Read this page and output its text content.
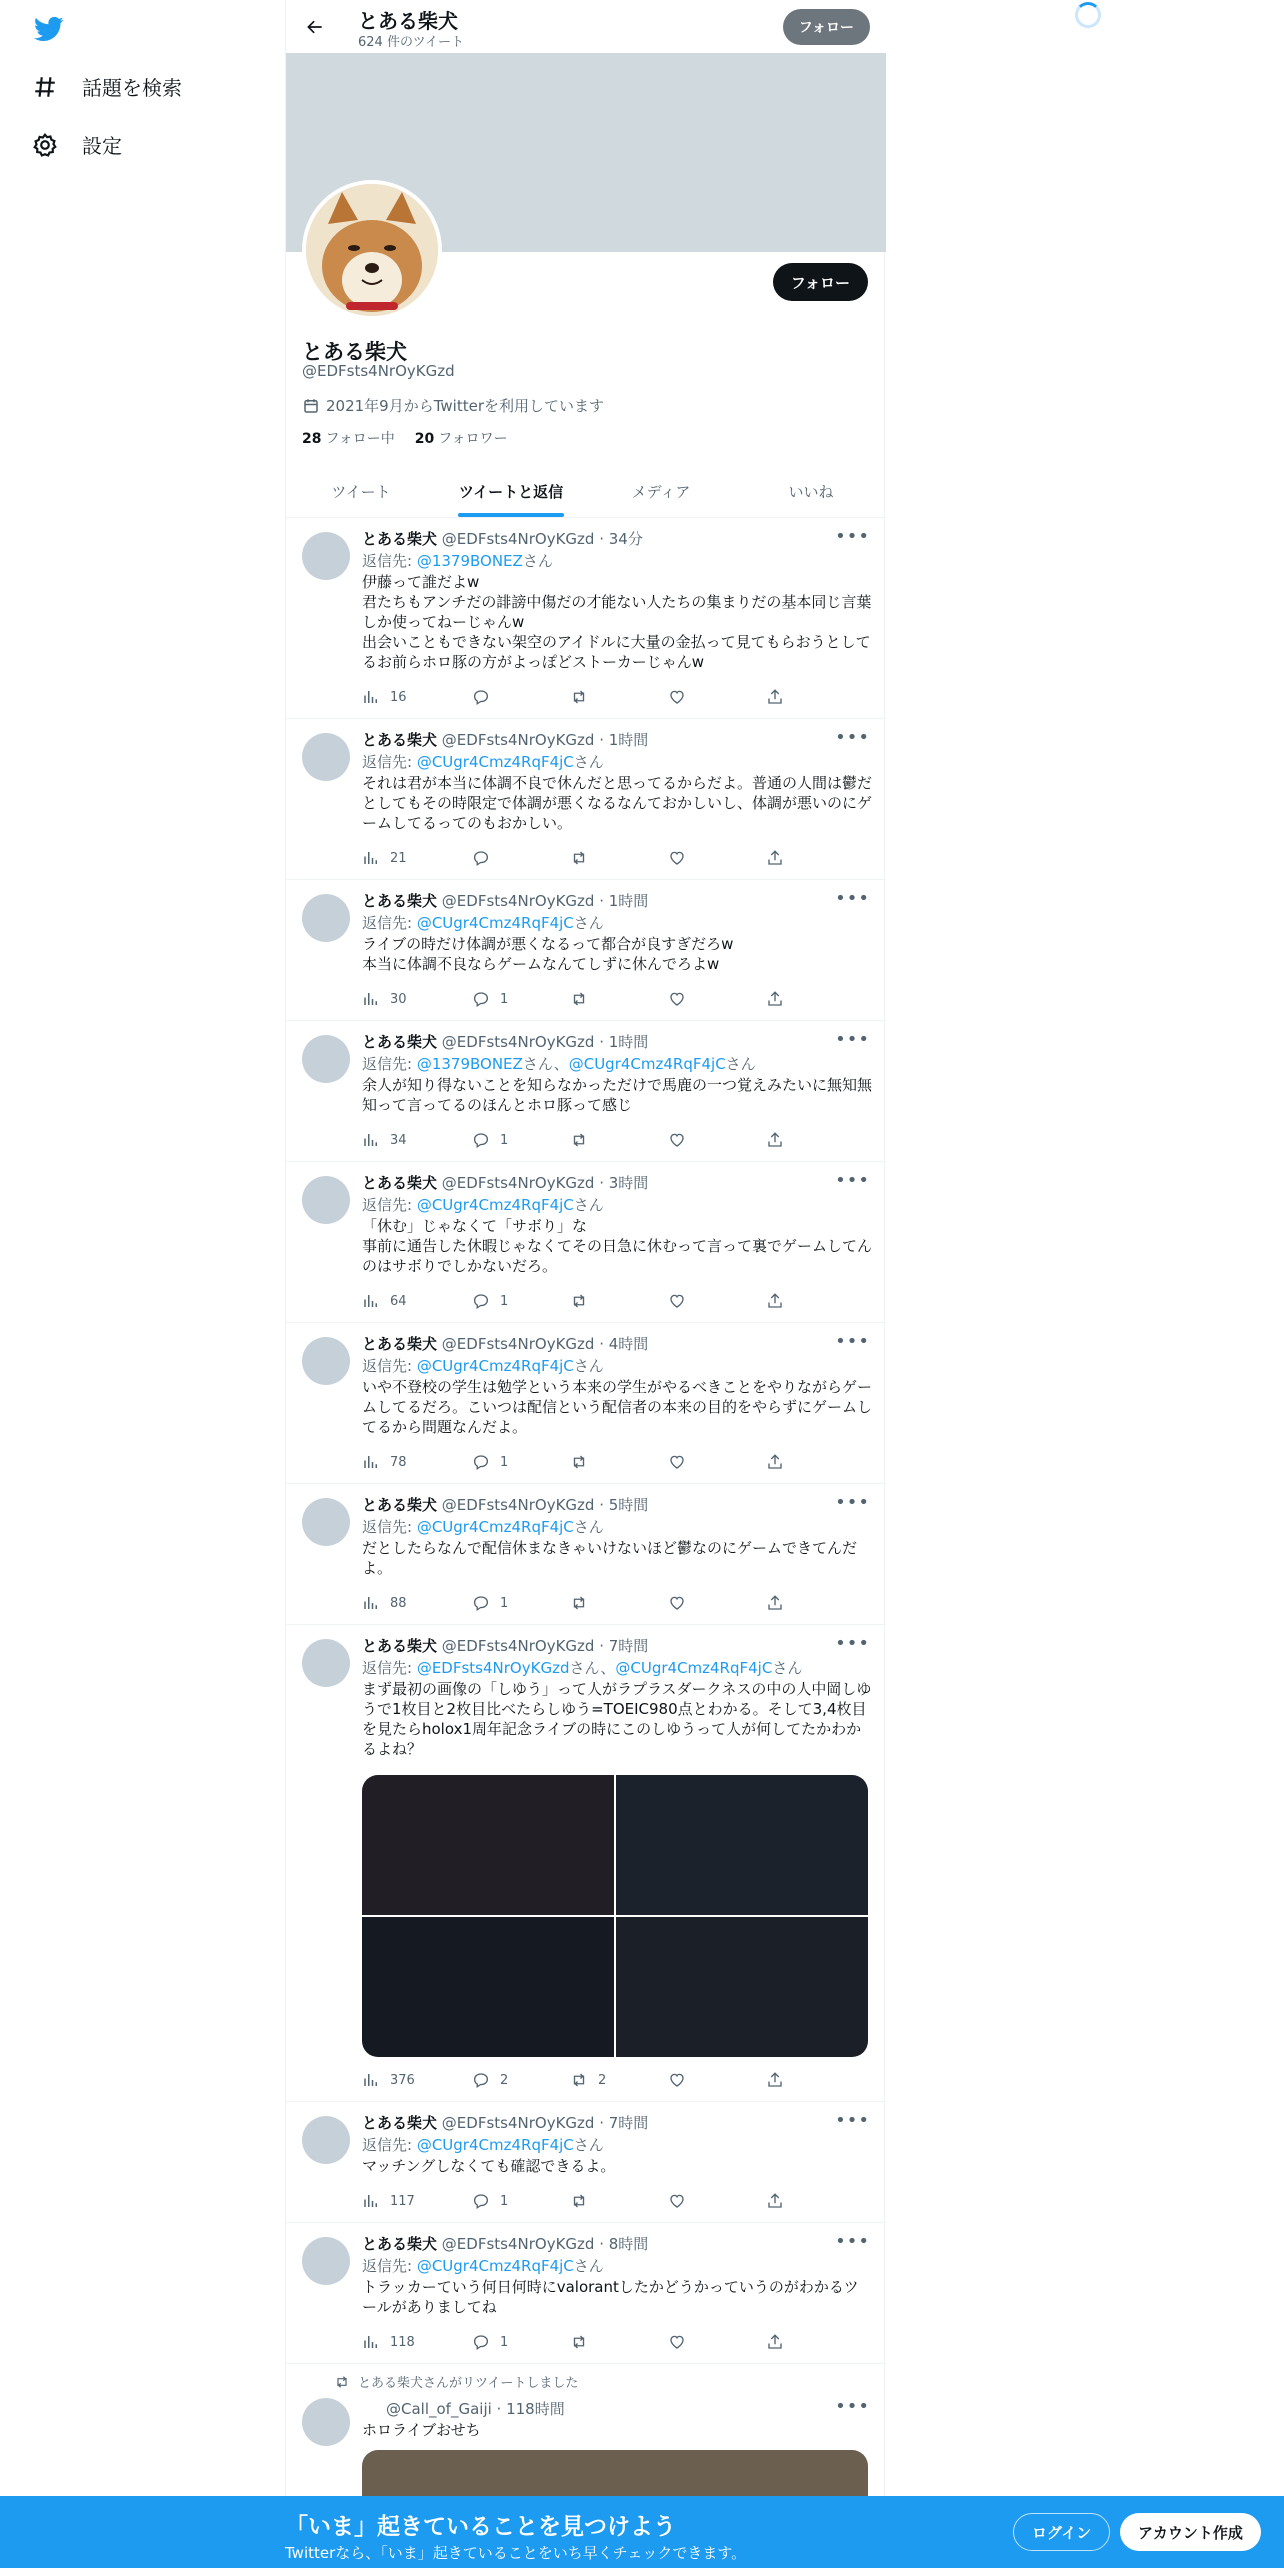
話題を検索
設定
とある柴犬
624 件のツイート
フォロー
フォロー
とある柴犬
@EDFsts4NrOyKGzd
2021年9月からTwitterを利用しています
28 フォロー中 20 フォロワー
ツイート	ツイートと返信	メディア	いいね
とある柴犬 @EDFsts4NrOyKGzd · 34分	•••
返信先: @1379BONEZさん
伊藤って誰だよw
君たちもアンチだの誹謗中傷だの才能ない人たちの集まりだの基本同じ言葉しか使ってねーじゃんw
出会いこともできない架空のアイドルに大量の金払って見てもらおうとしてるお前らホロ豚の方がよっぽどストーカーじゃんw
16
とある柴犬 @EDFsts4NrOyKGzd · 1時間	•••
返信先: @CUgr4Cmz4RqF4jCさん
それは君が本当に体調不良で休んだと思ってるからだよ。普通の人間は鬱だとしてもその時限定で体調が悪くなるなんておかしいし、体調が悪いのにゲームしてるってのもおかしい。
21
とある柴犬 @EDFsts4NrOyKGzd · 1時間	•••
返信先: @CUgr4Cmz4RqF4jCさん
ライブの時だけ体調が悪くなるって都合が良すぎだろw
本当に体調不良ならゲームなんてしずに休んでろよw
30	1
とある柴犬 @EDFsts4NrOyKGzd · 1時間	•••
返信先: @1379BONEZさん、@CUgr4Cmz4RqF4jCさん
余人が知り得ないことを知らなかっただけで馬鹿の一つ覚えみたいに無知無知って言ってるのほんとホロ豚って感じ
34	1
とある柴犬 @EDFsts4NrOyKGzd · 3時間	•••
返信先: @CUgr4Cmz4RqF4jCさん
「休む」じゃなくて「サボり」な
事前に通告した休暇じゃなくてその日急に休むって言って裏でゲームしてんのはサボりでしかないだろ。
64	1
とある柴犬 @EDFsts4NrOyKGzd · 4時間	•••
返信先: @CUgr4Cmz4RqF4jCさん
いや不登校の学生は勉学という本来の学生がやるべきことをやりながらゲームしてるだろ。こいつは配信という配信者の本来の目的をやらずにゲームしてるから問題なんだよ。
78	1
とある柴犬 @EDFsts4NrOyKGzd · 5時間	•••
返信先: @CUgr4Cmz4RqF4jCさん
だとしたらなんで配信休まなきゃいけないほど鬱なのにゲームできてんだよ。
88	1
とある柴犬 @EDFsts4NrOyKGzd · 7時間	•••
返信先: @EDFsts4NrOyKGzdさん、@CUgr4Cmz4RqF4jCさん
まず最初の画像の「しゆう」って人がラプラスダークネスの中の人中岡しゆうで1枚目と2枚目比べたらしゆう=TOEIC980点とわかる。そして3,4枚目を見たらholox1周年記念ライブの時にこのしゆうって人が何してたかわかるよね？
376	2	2
とある柴犬 @EDFsts4NrOyKGzd · 7時間	•••
返信先: @CUgr4Cmz4RqF4jCさん
マッチングしなくても確認できるよ。
117	1
とある柴犬 @EDFsts4NrOyKGzd · 8時間	•••
返信先: @CUgr4Cmz4RqF4jCさん
トラッカーていう何日何時にvalorantしたかどうかっていうのがわかるツールがありましてね
118	1
とある柴犬さんがリツイートしました
@Call_of_Gaiji · 118時間	•••
ホロライブおせち
「いま」起きていることを見つけよう
Twitterなら、「いま」起きていることをいち早くチェックできます。
ログイン	アカウント作成
